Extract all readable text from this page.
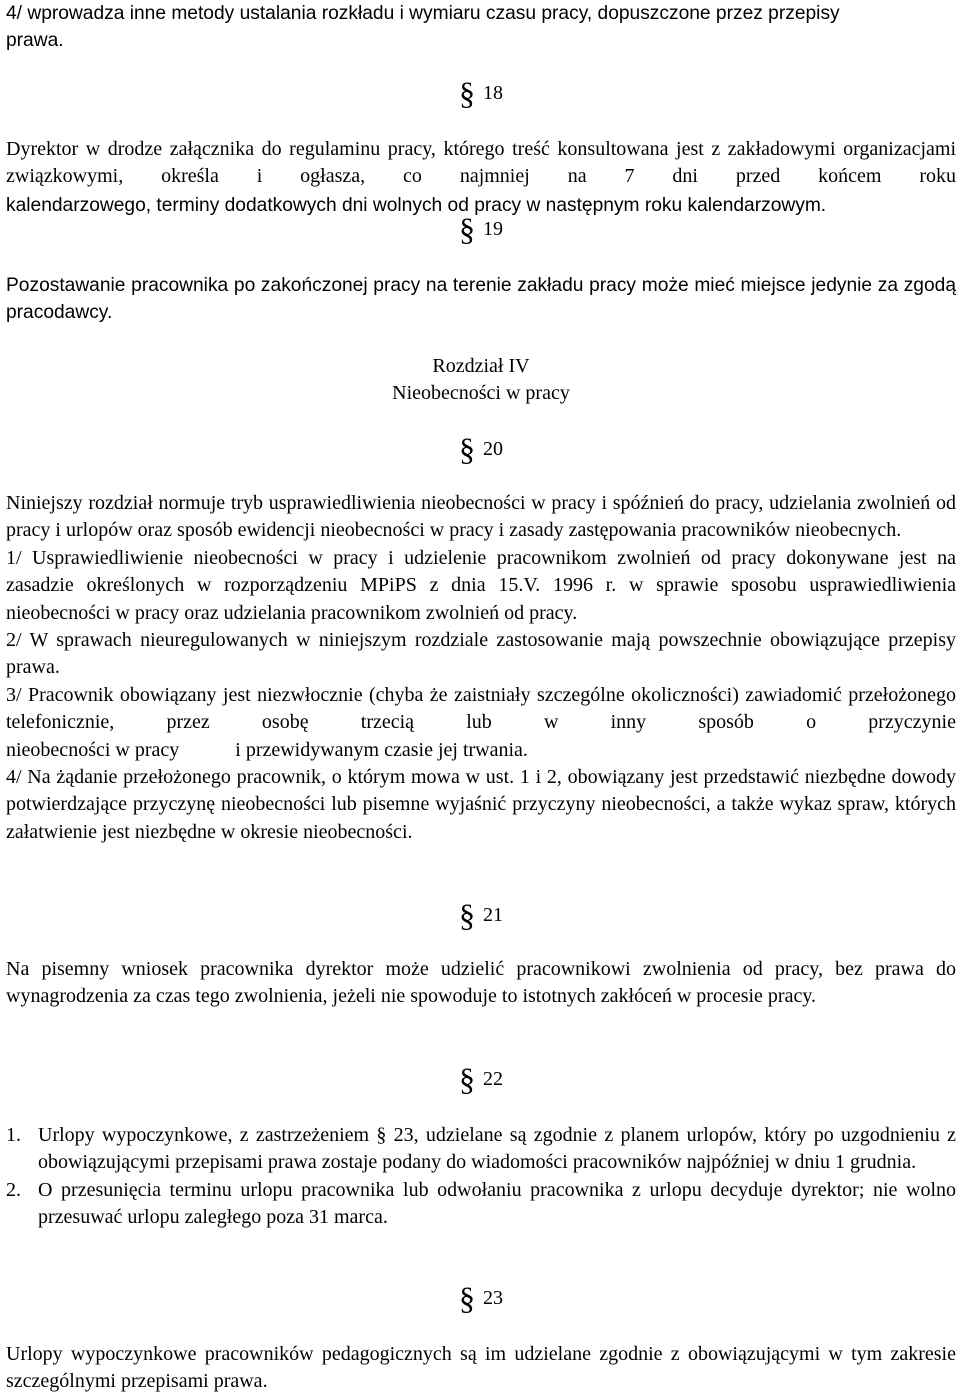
4/ wprowadza inne metody ustalania rozkładu i wymiaru czasu pracy, dopuszczone przez przepisy

prawa.

§ 18

Dyrektor w drodze załącznika do regulaminu pracy, którego treść konsultowana jest z zakładowymi organizacjami związkowymi, określa i ogłasza, co najmniej na 7 dni przed końcem roku

kalendarzowego, terminy dodatkowych dni wolnych od pracy w następnym roku kalendarzowym.

§ 19

Pozostawanie pracownika po zakończonej pracy na terenie zakładu pracy może mieć miejsce jedynie za zgodą pracodawcy.

Rozdział IV

Nieobecności w pracy

§ 20

Niniejszy rozdział normuje tryb usprawiedliwienia nieobecności w pracy i spóźnień do pracy, udzielania zwolnień od pracy i urlopów oraz sposób ewidencji nieobecności w pracy i zasady zastępowania pracowników nieobecnych.

1/ Usprawiedliwienie nieobecności w pracy i udzielenie pracownikom zwolnień od pracy dokonywane jest na zasadzie określonych w rozporządzeniu MPiPS z dnia 15.V. 1996 r. w sprawie sposobu usprawiedliwienia nieobecności w pracy oraz udzielania pracownikom zwolnień od pracy.

2/ W sprawach nieuregulowanych w niniejszym rozdziale zastosowanie mają powszechnie obowiązujące przepisy prawa.

3/ Pracownik obowiązany jest niezwłocznie (chyba że zaistniały szczególne okoliczności) zawiadomić przełożonego telefonicznie, przez osobę trzecią lub w inny sposób o przyczynie

nieobecności w pracy	i przewidywanym czasie jej trwania.

4/ Na żądanie przełożonego pracownik, o którym mowa w ust. 1 i 2, obowiązany jest przedstawić niezbędne dowody potwierdzające przyczynę nieobecności lub pisemne wyjaśnić przyczyny nieobecności, a także wykaz spraw, których załatwienie jest niezbędne w okresie nieobecności.

§ 21

Na pisemny wniosek pracownika dyrektor może udzielić pracownikowi zwolnienia od pracy, bez prawa do wynagrodzenia za czas tego zwolnienia, jeżeli nie spowoduje to istotnych zakłóceń w procesie pracy.

§ 22
1. Urlopy wypoczynkowe, z zastrzeżeniem § 23, udzielane są zgodnie z planem urlopów, który po uzgodnieniu z obowiązującymi przepisami prawa zostaje podany do wiadomości pracowników najpóźniej w dniu 1 grudnia.
2. O przesunięcia terminu urlopu pracownika lub odwołaniu pracownika z urlopu decyduje dyrektor; nie wolno przesuwać urlopu zaległego poza 31 marca.
§ 23

Urlopy wypoczynkowe pracowników pedagogicznych są im udzielane zgodnie z obowiązującymi w tym zakresie szczególnymi przepisami prawa.
